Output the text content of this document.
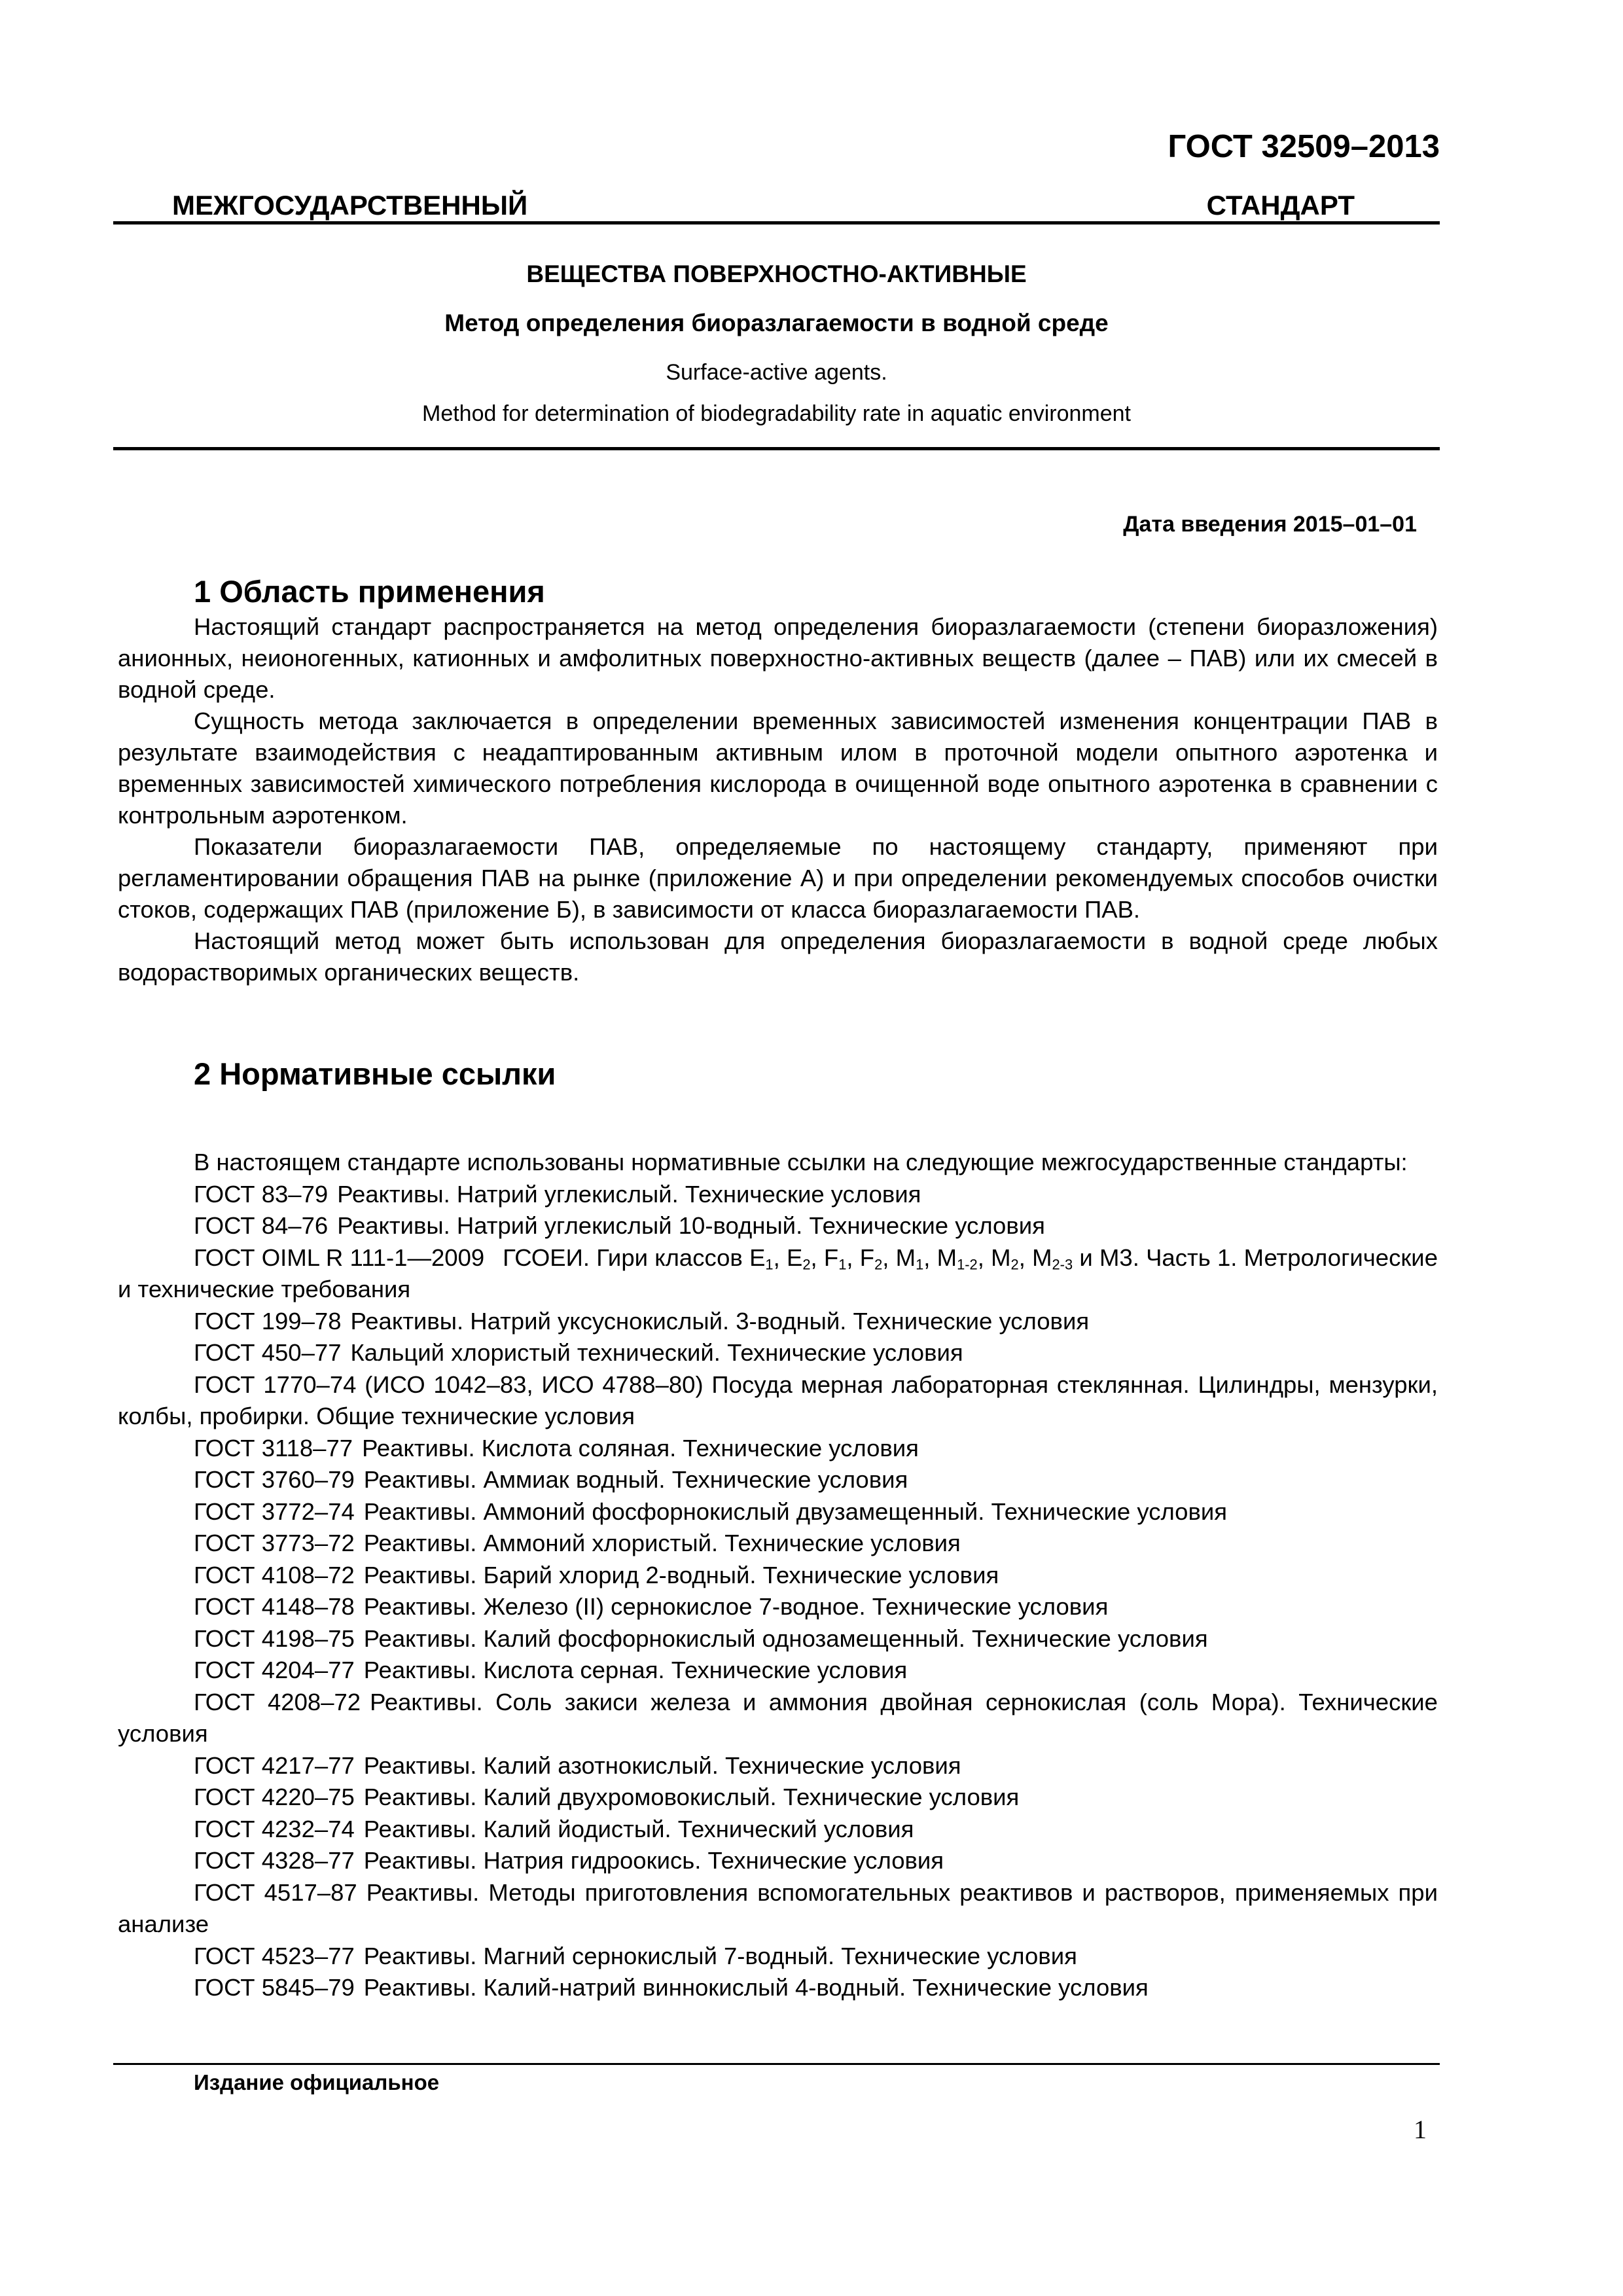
ГОСТ 32509–2013
МЕЖГОСУДАРСТВЕННЫЙ СТАНДАРТ
ВЕЩЕСТВА ПОВЕРХНОСТНО-АКТИВНЫЕ
Метод определения биоразлагаемости в водной среде
Surface-active agents.
Method for determination of biodegradability rate in aquatic environment
Дата введения 2015–01–01
1 Область применения

Настоящий стандарт распространяется на метод определения биоразлагаемости (степени биоразложения) анионных, неионогенных, катионных и амфолитных поверхностно-активных веществ (далее – ПАВ) или их смесей в водной среде.

Сущность метода заключается в определении временных зависимостей изменения концентрации ПАВ в результате взаимодействия с неадаптированным активным илом в проточной модели опытного аэротенка и временных зависимостей химического потребления кислорода в очищенной воде опытного аэротенка в сравнении с контрольным аэротенком.

Показатели биоразлагаемости ПАВ, определяемые по настоящему стандарту, применяют при регламентировании обращения ПАВ на рынке (приложение А) и при определении рекомендуемых способов очистки стоков, содержащих ПАВ (приложение Б), в зависимости от класса биоразлагаемости ПАВ.

Настоящий метод может быть использован для определения биоразлагаемости в водной среде любых водорастворимых органических веществ.

2 Нормативные ссылки

В настоящем стандарте использованы нормативные ссылки на следующие межгосударственные стандарты:

ГОСТ 83–79 Реактивы. Натрий углекислый. Технические условия

ГОСТ 84–76 Реактивы. Натрий углекислый 10-водный. Технические условия

ГОСТ OIML R 111-1—2009 ГСОЕИ. Гири классов $E_1$, $E_2$, $F_1$, $F_2$, $M_1$, $M_{1-2}$, $M_2$, $M_{2-3}$ и M3. Часть 1. Метрологические и технические требования

ГОСТ 199–78 Реактивы. Натрий уксуснокислый. 3-водный. Технические условия

ГОСТ 450–77 Кальций хлористый технический. Технические условия

ГОСТ 1770–74 (ИСО 1042–83, ИСО 4788–80) Посуда мерная лабораторная стеклянная. Цилиндры, мензурки, колбы, пробирки. Общие технические условия

ГОСТ 3118–77 Реактивы. Кислота соляная. Технические условия

ГОСТ 3760–79 Реактивы. Аммиак водный. Технические условия

ГОСТ 3772–74 Реактивы. Аммоний фосфорнокислый двузамещенный. Технические условия

ГОСТ 3773–72 Реактивы. Аммоний хлористый. Технические условия

ГОСТ 4108–72 Реактивы. Барий хлорид 2-водный. Технические условия

ГОСТ 4148–78 Реактивы. Железо (II) сернокислое 7-водное. Технические условия

ГОСТ 4198–75 Реактивы. Калий фосфорнокислый однозамещенный. Технические условия

ГОСТ 4204–77 Реактивы. Кислота серная. Технические условия

ГОСТ 4208–72 Реактивы. Соль закиси железа и аммония двойная сернокислая (соль Мора). Технические условия

ГОСТ 4217–77 Реактивы. Калий азотнокислый. Технические условия

ГОСТ 4220–75 Реактивы. Калий двухромовокислый. Технические условия

ГОСТ 4232–74 Реактивы. Калий йодистый. Технический условия

ГОСТ 4328–77 Реактивы. Натрия гидроокись. Технические условия

ГОСТ 4517–87 Реактивы. Методы приготовления вспомогательных реактивов и растворов, применяемых при анализе

ГОСТ 4523–77 Реактивы. Магний сернокислый 7-водный. Технические условия

ГОСТ 5845–79 Реактивы. Калий-натрий виннокислый 4-водный. Технические условия

Издание официальное
1
